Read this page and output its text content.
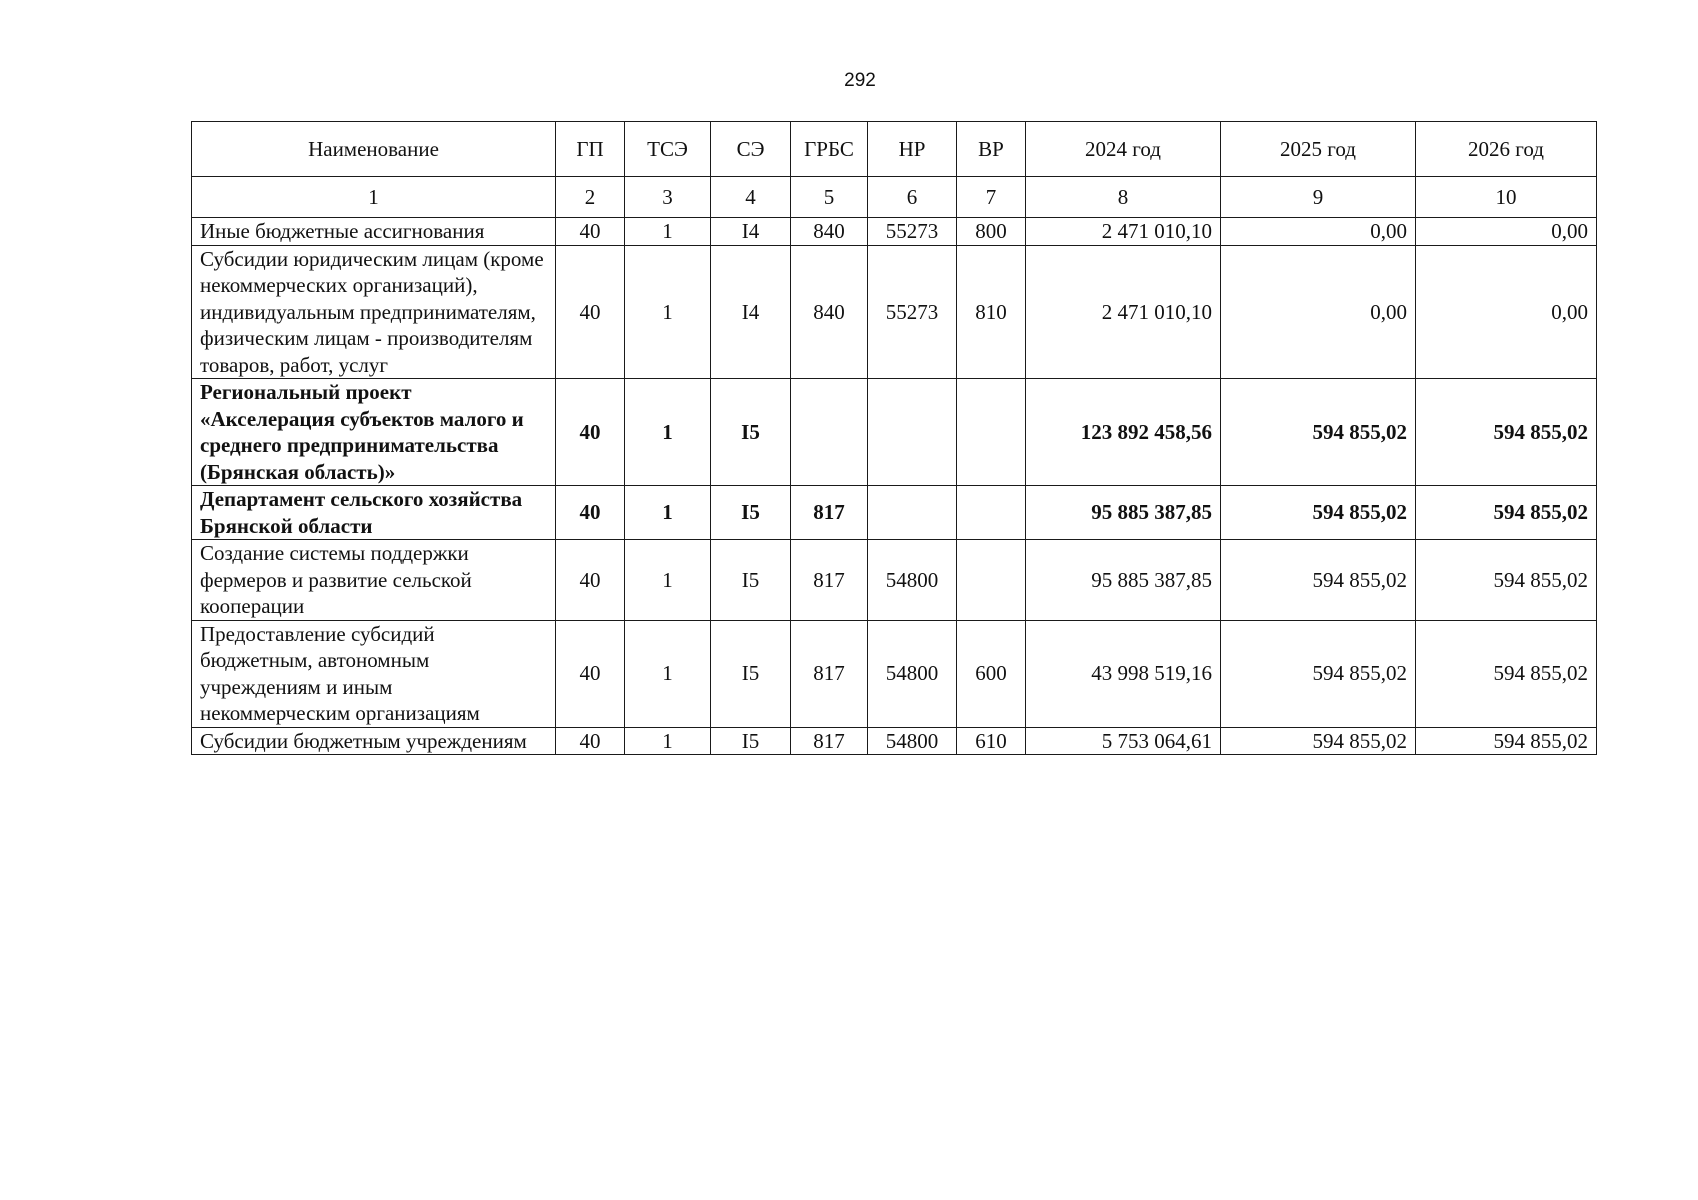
292
Наименование	ГП	ТСЭ	СЭ	ГРБС	НР	ВР	2024 год	2025 год	2026 год
1	2	3	4	5	6	7	8	9	10
Иные бюджетные ассигнования	40	1	I4	840	55273	800	2 471 010,10	0,00	0,00
Субсидии юридическим лицам (кроме некоммерческих организаций), индивидуальным предпринимателям, физическим лицам - производителям товаров, работ, услуг	40	1	I4	840	55273	810	2 471 010,10	0,00	0,00
Региональный проект «Акселерация субъектов малого и среднего предпринимательства (Брянская область)»	40	1	I5				123 892 458,56	594 855,02	594 855,02
Департамент сельского хозяйства Брянской области	40	1	I5	817			95 885 387,85	594 855,02	594 855,02
Создание системы поддержки фермеров и развитие сельской кооперации	40	1	I5	817	54800		95 885 387,85	594 855,02	594 855,02
Предоставление субсидий бюджетным, автономным учреждениям и иным некоммерческим организациям	40	1	I5	817	54800	600	43 998 519,16	594 855,02	594 855,02
Субсидии бюджетным учреждениям	40	1	I5	817	54800	610	5 753 064,61	594 855,02	594 855,02
